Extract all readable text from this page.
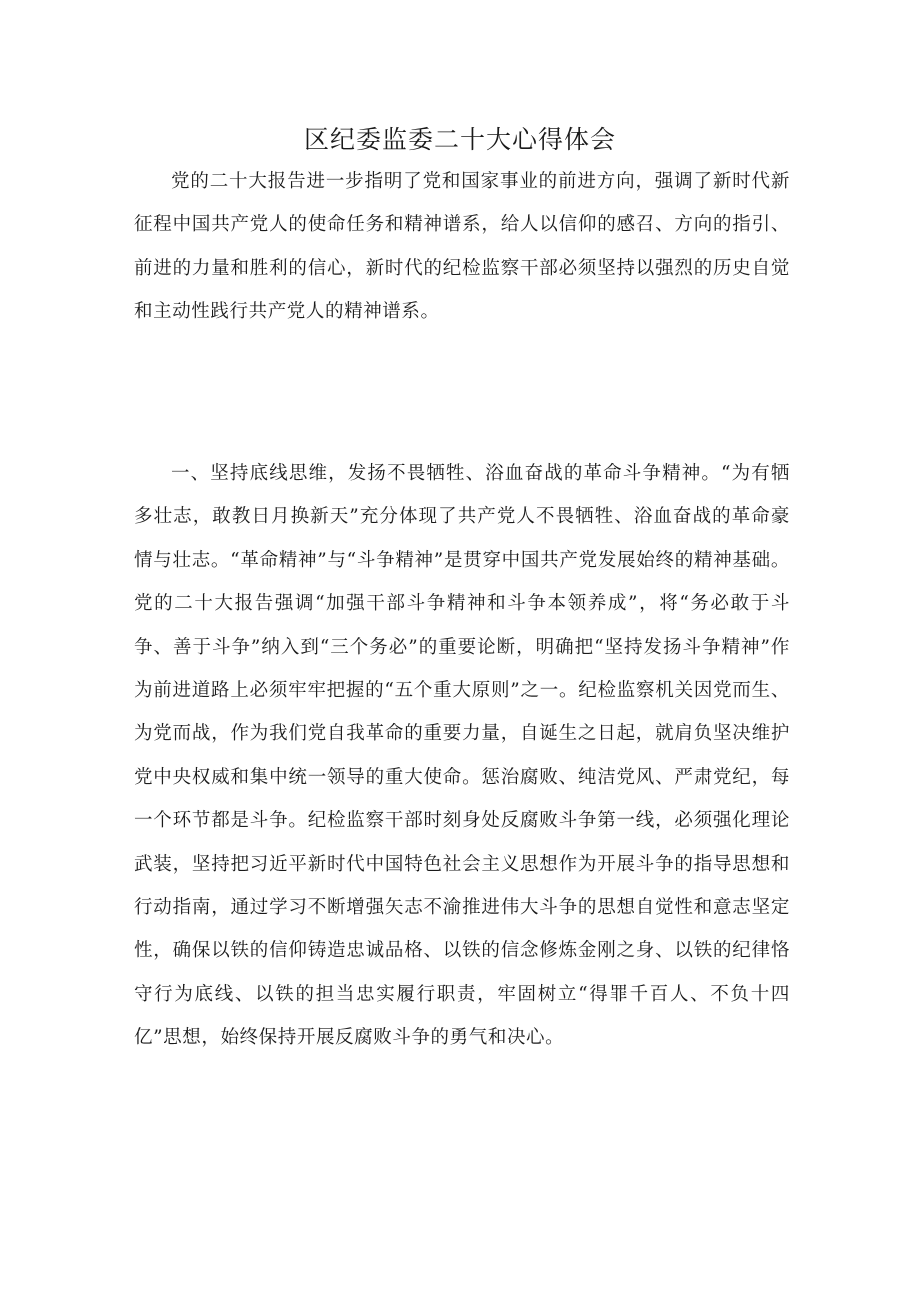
区纪委监委二十大心得体会

党的二十大报告进一步指明了党和国家事业的前进方向，强调了新时代新征程中国共产党人的使命任务和精神谱系，给人以信仰的感召、方向的指引、前进的力量和胜利的信心，新时代的纪检监察干部必须坚持以强烈的历史自觉和主动性践行共产党人的精神谱系。

一、坚持底线思维，发扬不畏牺牲、浴血奋战的革命斗争精神。“为有牺多壮志，敢教日月换新天”充分体现了共产党人不畏牺牲、浴血奋战的革命豪情与壮志。“革命精神”与“斗争精神”是贯穿中国共产党发展始终的精神基础。党的二十大报告强调“加强干部斗争精神和斗争本领养成”，将“务必敢于斗争、善于斗争”纳入到“三个务必”的重要论断，明确把“坚持发扬斗争精神”作为前进道路上必须牢牢把握的“五个重大原则”之一。纪检监察机关因党而生、为党而战，作为我们党自我革命的重要力量，自诞生之日起，就肩负坚决维护党中央权威和集中统一领导的重大使命。惩治腐败、纯洁党风、严肃党纪，每一个环节都是斗争。纪检监察干部时刻身处反腐败斗争第一线，必须强化理论武装，坚持把习近平新时代中国特色社会主义思想作为开展斗争的指导思想和行动指南，通过学习不断增强矢志不渝推进伟大斗争的思想自觉性和意志坚定性，确保以铁的信仰铸造忠诚品格、以铁的信念修炼金刚之身、以铁的纪律恪守行为底线、以铁的担当忠实履行职责，牢固树立“得罪千百人、不负十四亿”思想，始终保持开展反腐败斗争的勇气和决心。
